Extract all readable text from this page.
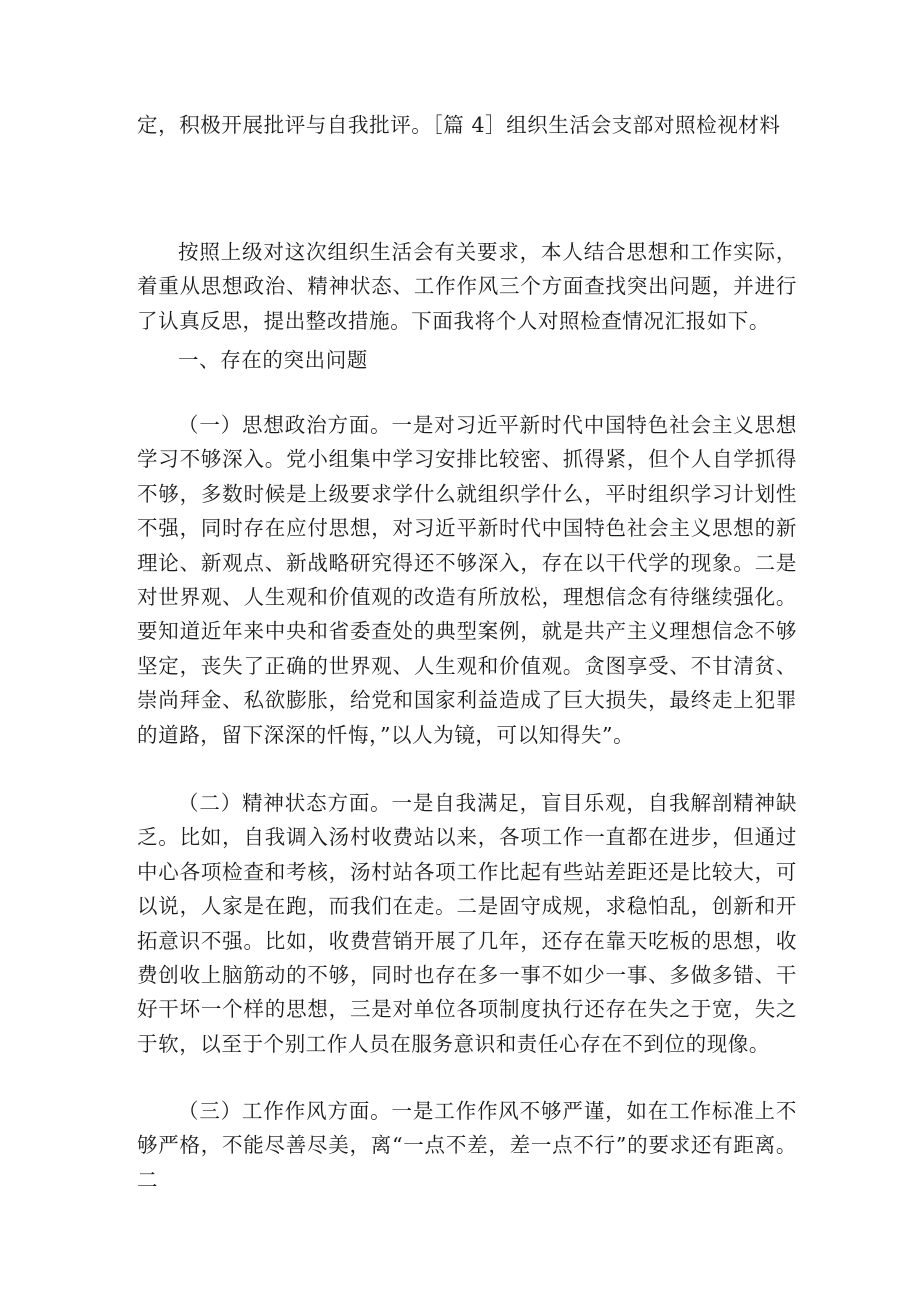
定，积极开展批评与自我批评。［篇 4］组织生活会支部对照检视材料

按照上级对这次组织生活会有关要求，本人结合思想和工作实际，着重从思想政治、精神状态、工作作风三个方面查找突出问题，并进行了认真反思，提出整改措施。下面我将个人对照检查情况汇报如下。

一、存在的突出问题

（一）思想政治方面。一是对习近平新时代中国特色社会主义思想学习不够深入。党小组集中学习安排比较密、抓得紧，但个人自学抓得不够，多数时候是上级要求学什么就组织学什么，平时组织学习计划性不强，同时存在应付思想，对习近平新时代中国特色社会主义思想的新理论、新观点、新战略研究得还不够深入，存在以干代学的现象。二是对世界观、人生观和价值观的改造有所放松，理想信念有待继续强化。要知道近年来中央和省委查处的典型案例，就是共产主义理想信念不够坚定，丧失了正确的世界观、人生观和价值观。贪图享受、不甘清贫、崇尚拜金、私欲膨胀，给党和国家利益造成了巨大损失，最终走上犯罪的道路，留下深深的忏悔，”以人为镜，可以知得失”。

（二）精神状态方面。一是自我满足，盲目乐观，自我解剖精神缺乏。比如，自我调入汤村收费站以来，各项工作一直都在进步，但通过中心各项检查和考核，汤村站各项工作比起有些站差距还是比较大，可以说，人家是在跑，而我们在走。二是固守成规，求稳怕乱，创新和开拓意识不强。比如，收费营销开展了几年，还存在靠天吃板的思想，收费创收上脑筋动的不够，同时也存在多一事不如少一事、多做多错、干好干坏一个样的思想，三是对单位各项制度执行还存在失之于宽，失之于软，以至于个别工作人员在服务意识和责任心存在不到位的现像。

（三）工作作风方面。一是工作作风不够严谨，如在工作标准上不够严格，不能尽善尽美，离“一点不差，差一点不行”的要求还有距离。二
